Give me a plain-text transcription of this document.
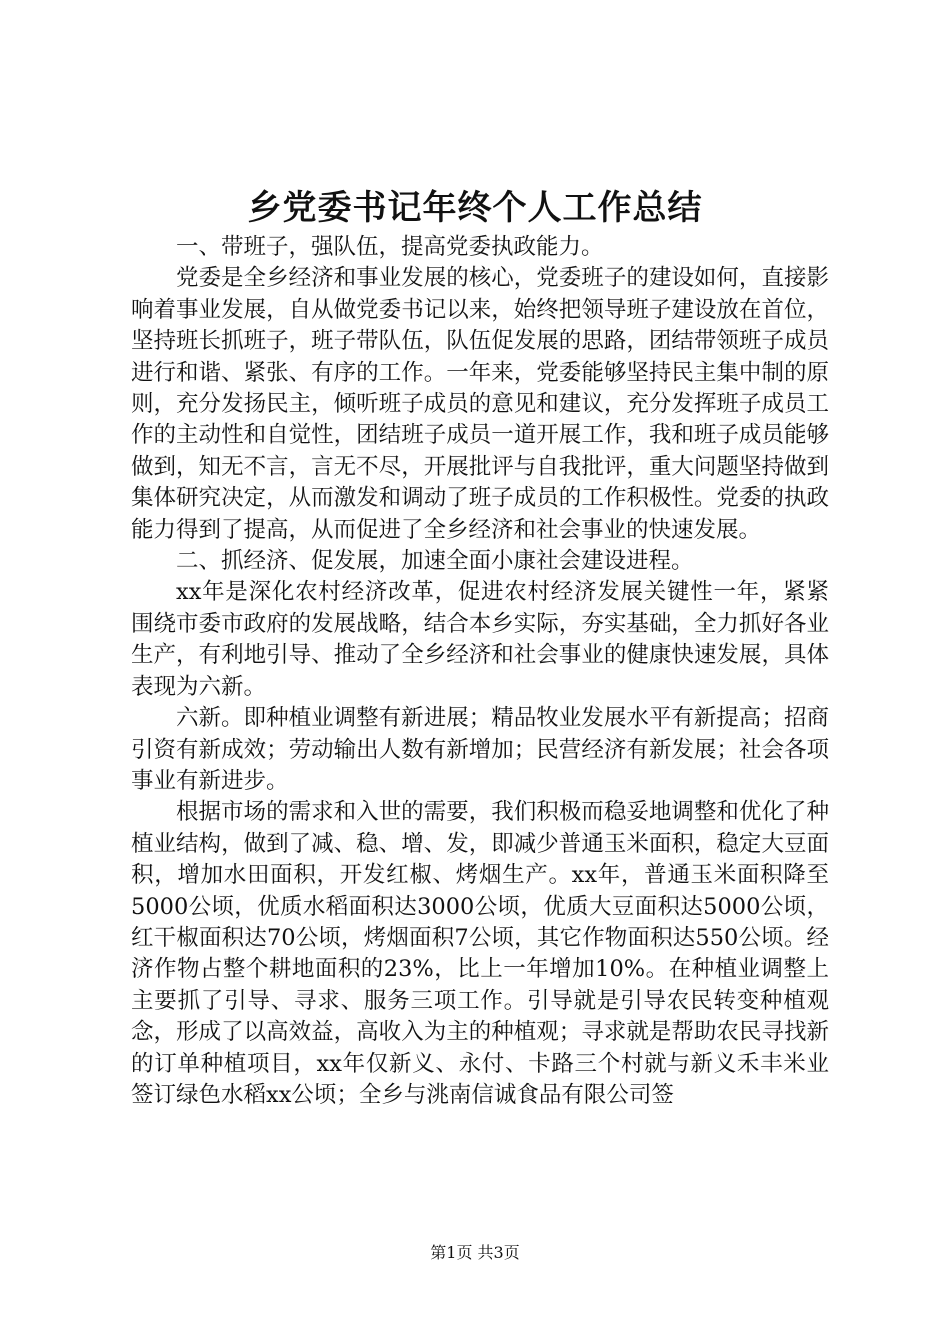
乡党委书记年终个人工作总结

一、带班子，强队伍，提高党委执政能力。

党委是全乡经济和事业发展的核心，党委班子的建设如何，直接影响着事业发展，自从做党委书记以来，始终把领导班子建设放在首位，坚持班长抓班子，班子带队伍，队伍促发展的思路，团结带领班子成员进行和谐、紧张、有序的工作。一年来，党委能够坚持民主集中制的原则，充分发扬民主，倾听班子成员的意见和建议，充分发挥班子成员工作的主动性和自觉性，团结班子成员一道开展工作，我和班子成员能够做到，知无不言，言无不尽，开展批评与自我批评，重大问题坚持做到集体研究决定，从而激发和调动了班子成员的工作积极性。党委的执政能力得到了提高，从而促进了全乡经济和社会事业的快速发展。

二、抓经济、促发展，加速全面小康社会建设进程。

xx年是深化农村经济改革，促进农村经济发展关键性一年，紧紧围绕市委市政府的发展战略，结合本乡实际，夯实基础，全力抓好各业生产，有利地引导、推动了全乡经济和社会事业的健康快速发展，具体表现为六新。

六新。即种植业调整有新进展；精品牧业发展水平有新提高；招商引资有新成效；劳动输出人数有新增加；民营经济有新发展；社会各项事业有新进步。

根据市场的需求和入世的需要，我们积极而稳妥地调整和优化了种植业结构，做到了减、稳、增、发，即减少普通玉米面积，稳定大豆面积，增加水田面积，开发红椒、烤烟生产。xx年，普通玉米面积降至5000公顷，优质水稻面积达3000公顷，优质大豆面积达5000公顷，红干椒面积达70公顷，烤烟面积7公顷，其它作物面积达550公顷。经济作物占整个耕地面积的23%，比上一年增加10%。在种植业调整上主要抓了引导、寻求、服务三项工作。引导就是引导农民转变种植观念，形成了以高效益，高收入为主的种植观；寻求就是帮助农民寻找新的订单种植项目，xx年仅新义、永付、卡路三个村就与新义禾丰米业签订绿色水稻xx公顷；全乡与洮南信诚食品有限公司签

第1页 共3页
